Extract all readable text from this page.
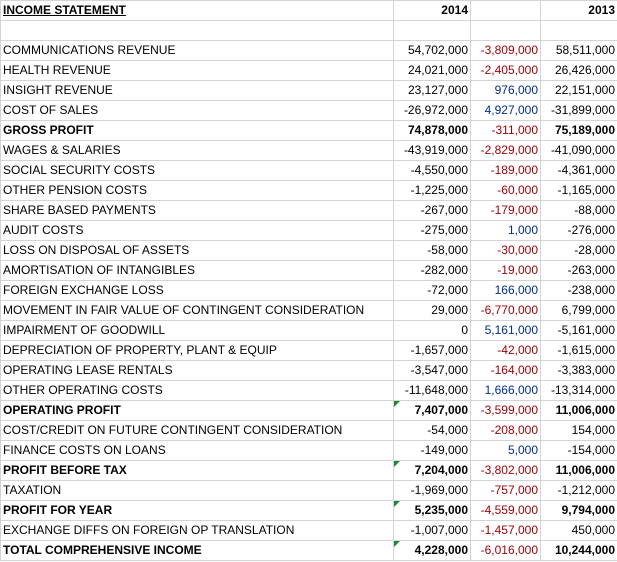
INCOME STATEMENT	2014		2013

COMMUNICATIONS REVENUE	54,702,000	-3,809,000	58,511,000
HEALTH REVENUE	24,021,000	-2,405,000	26,426,000
INSIGHT REVENUE	23,127,000	976,000	22,151,000
COST OF SALES	-26,972,000	4,927,000	-31,899,000
GROSS PROFIT	74,878,000	-311,000	75,189,000
WAGES & SALARIES	-43,919,000	-2,829,000	-41,090,000
SOCIAL SECURITY COSTS	-4,550,000	-189,000	-4,361,000
OTHER PENSION COSTS	-1,225,000	-60,000	-1,165,000
SHARE BASED PAYMENTS	-267,000	-179,000	-88,000
AUDIT COSTS	-275,000	1,000	-276,000
LOSS ON DISPOSAL OF ASSETS	-58,000	-30,000	-28,000
AMORTISATION OF INTANGIBLES	-282,000	-19,000	-263,000
FOREIGN EXCHANGE LOSS	-72,000	166,000	-238,000
MOVEMENT IN FAIR VALUE OF CONTINGENT CONSIDERATION	29,000	-6,770,000	6,799,000
IMPAIRMENT OF GOODWILL	0	5,161,000	-5,161,000
DEPRECIATION OF PROPERTY, PLANT & EQUIP	-1,657,000	-42,000	-1,615,000
OPERATING LEASE RENTALS	-3,547,000	-164,000	-3,383,000
OTHER OPERATING COSTS	-11,648,000	1,666,000	-13,314,000
OPERATING PROFIT	7,407,000	-3,599,000	11,006,000
COST/CREDIT ON FUTURE CONTINGENT CONSIDERATION	-54,000	-208,000	154,000
FINANCE COSTS ON LOANS	-149,000	5,000	-154,000
PROFIT BEFORE TAX	7,204,000	-3,802,000	11,006,000
TAXATION	-1,969,000	-757,000	-1,212,000
PROFIT FOR YEAR	5,235,000	-4,559,000	9,794,000
EXCHANGE DIFFS ON FOREIGN OP TRANSLATION	-1,007,000	-1,457,000	450,000
TOTAL COMPREHENSIVE INCOME	4,228,000	-6,016,000	10,244,000
